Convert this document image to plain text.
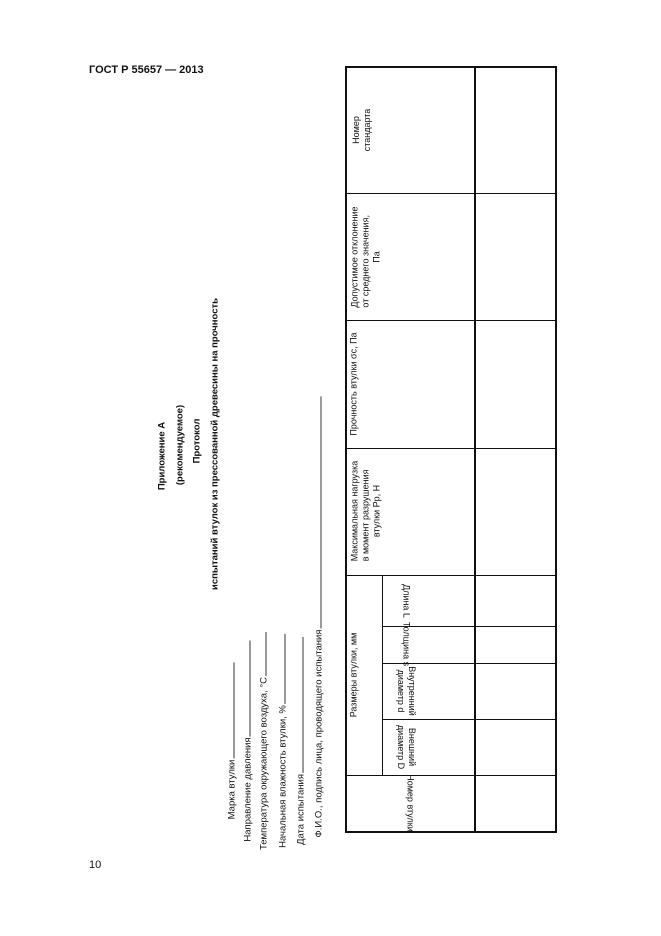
ГОСТ Р 55657 — 2013
10
Приложение А (рекомендуемое) Протокол испытаний втулок из прессованной древесины на прочность
Марка втулки Направление давления Температура окружающего воздуха, °С Начальная влажность втулки, % Дата испытания Ф.И.О., подпись лица, проводящего испытания
Номер стандарта
Допустимое отклонение от среднего значения, Па
Прочность втулки σс, Па
Максимальная нагрузка в момент разрушения втулки Рр, Н
Размеры втулки, мм
Длина L
Толщина s
Внутренний
диаметр d
Внешний
диаметр D
Номер втулки
